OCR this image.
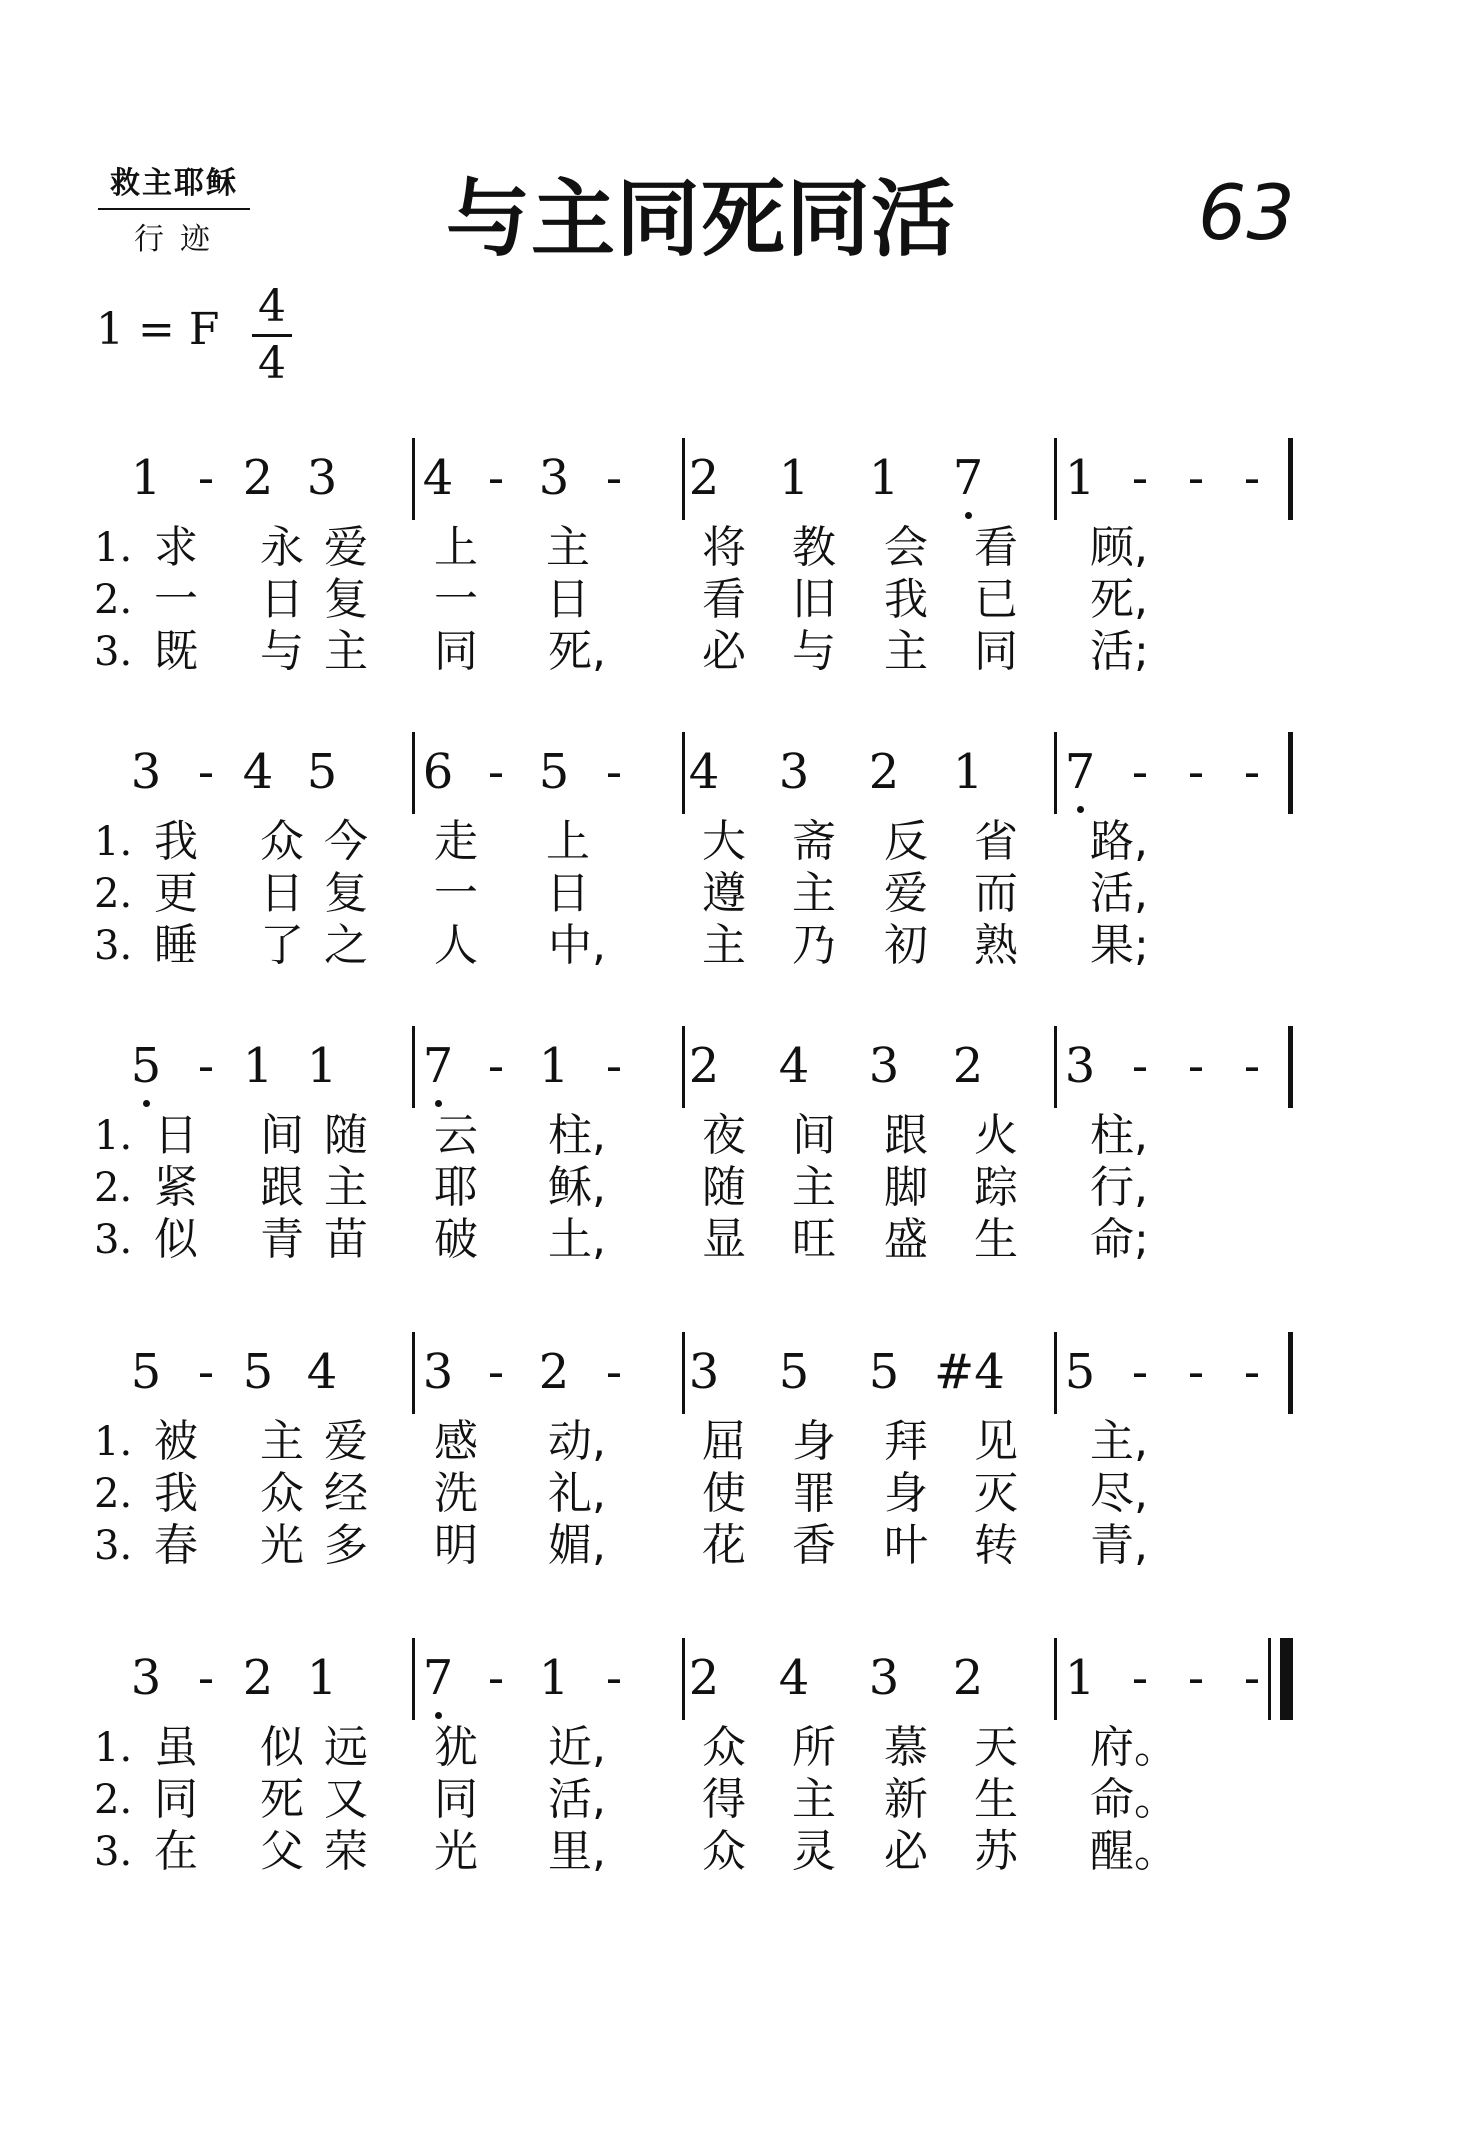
救主耶稣
行迹	与主同死同活	63
1 = F 4
4
1 - 2 3 4 - 3 - 2 1 1 7 1 - - -
1. 求 永 爱 上 主	将 教 会 看 顾,
2. 一 日 复 一 日	看 旧 我 已 死,
3. 既 与 主 同 死,	必 与 主 同 活;
3 - 4 5 6 - 5 - 4 3 2 1 7 - - -
1. 我 众 今 走 上	大 斋 反 省 路,
2. 更 日 复 一 日	遵 主 爱 而 活,
3. 睡 了 之 人 中,	主 乃 初 熟 果;
5 - 1 1 7 - 1 - 2 4 3 2 3 - - -
1. 日 间 随 云 柱,	夜 间 跟 火 柱,
2. 紧 跟 主 耶 稣,	随 主 脚 踪 行,
3. 似 青 苗 破 土,	显 旺 盛 生 命;
5 - 5 4 3 - 2 - 3 5 5 #4 5 - - -
1. 被 主 爱 感 动,	屈 身 拜 见 主,
2. 我 众 经 洗 礼,	使 罪 身 灭 尽,
3. 春 光 多 明 媚,	花 香 叶 转 青,
3 - 2 1 7 - 1 - 2 4 3 2 1 - - -
1. 虽 似 远 犹 近,	众 所 慕 天 府。
2. 同 死 又 同 活,	得 主 新 生 命。
3. 在 父 荣 光 里,	众 灵 必 苏 醒。
